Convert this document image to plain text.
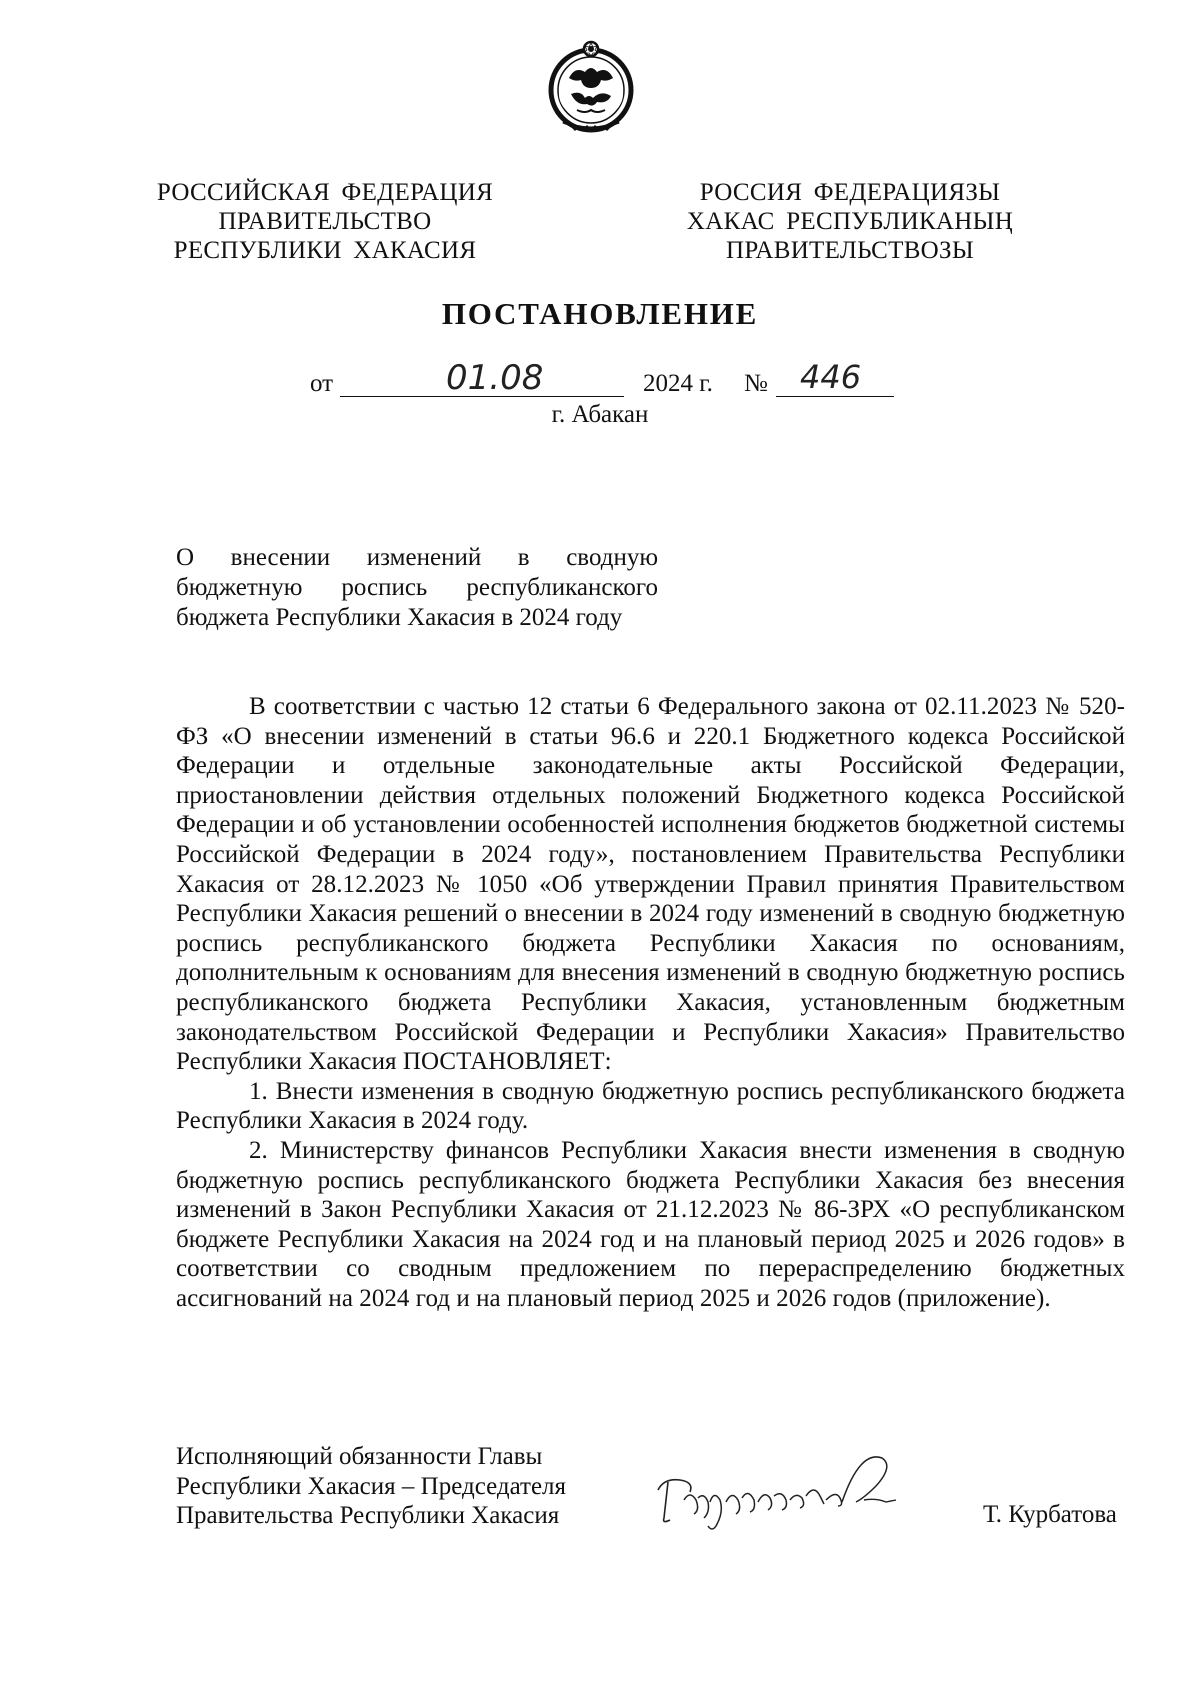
РОССИЙСКАЯ ФЕДЕРАЦИЯ
ПРАВИТЕЛЬСТВО
РЕСПУБЛИКИ ХАКАСИЯ
РОССИЯ ФЕДЕРАЦИЯЗЫ
ХАКАС РЕСПУБЛИКАНЫҢ
ПРАВИТЕЛЬСТВОЗЫ
ПОСТАНОВЛЕНИЕ
от	01.08	2024 г. № 446
г. Абакан
О внесении изменений в сводную
бюджетную роспись республиканского
бюджета Республики Хакасия в 2024 году

В соответствии с частью 12 статьи 6 Федерального закона от 02.11.2023 № 520-ФЗ «О внесении изменений в статьи 96.6 и 220.1 Бюджетного кодекса Российской Федерации и отдельные законодательные акты Российской Федерации, приостановлении действия отдельных положений Бюджетного кодекса Российской Федерации и об установлении особенностей исполнения бюджетов бюджетной системы Российской Федерации в 2024 году», постановлением Правительства Республики Хакасия от 28.12.2023 № 1050 «Об утверждении Правил принятия Правительством Республики Хакасия решений о внесении в 2024 году изменений в сводную бюджетную роспись республиканского бюджета Республики Хакасия по основаниям, дополнительным к основаниям для внесения изменений в сводную бюджетную роспись республиканского бюджета Республики Хакасия, установленным бюджетным законодательством Российской Федерации и Республики Хакасия» Правительство Республики Хакасия ПОСТАНОВЛЯЕТ:

1. Внести изменения в сводную бюджетную роспись республиканского бюджета Республики Хакасия в 2024 году.

2. Министерству финансов Республики Хакасия внести изменения в сводную бюджетную роспись республиканского бюджета Республики Хакасия без внесения изменений в Закон Республики Хакасия от 21.12.2023 № 86-ЗРХ «О республиканском бюджете Республики Хакасия на 2024 год и на плановый период 2025 и 2026 годов» в соответствии со сводным предложением по перераспределению бюджетных ассигнований на 2024 год и на плановый период 2025 и 2026 годов (приложение).

Исполняющий обязанности Главы
Республики Хакасия – Председателя
Правительства Республики Хакасия	Т. Курбатова
